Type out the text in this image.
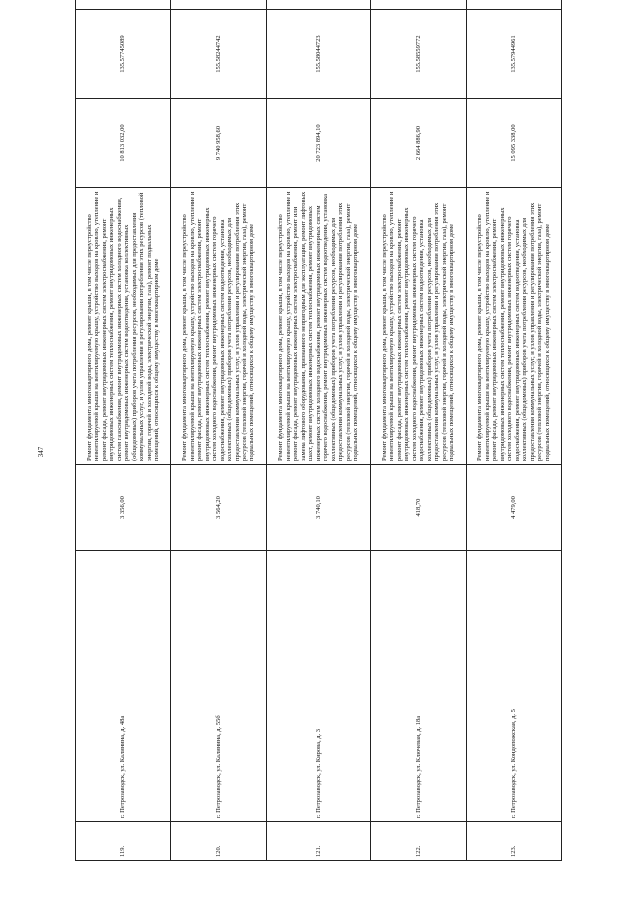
347
119.	г. Петрозаводск, ул. Калинина, д. 48а	3 356,00	Ремонт фундамента многоквартирного дома, ремонт крыши, в том числе переустройство невентилируемой крыши на вентилируемую крышу, устройство выходов на кровлю, утепление и ремонт фасада, ремонт внутридомовых инженерных систем электроснабжения, ремонт внутридомовых инженерных систем теплоснабжения, ремонт внутридомовых инженерных систем газоснабжения, ремонт внутридомовых инженерных систем холодного водоснабжения, ремонт внутридомовых инженерных систем водоотведения, установка коллективных (общедомовых) приборов учета потребления ресурсов, необходимых для предоставления коммунальных услуг, и узлов управления и регулирования потребления этих ресурсов (тепловой энергии, горячей и холодной воды, электрической энергии, газа), ремонт подвальных помещений, относящихся к общему имуществу в многоквартирном доме	10 813 032,00	135.57745089	
120.	г. Петрозаводск, ул. Калинина, д. 55б	3 564,20	Ремонт фундамента многоквартирного дома, ремонт крыши, в том числе переустройство невентилируемой крыши на вентилируемую крышу, устройство выходов на кровлю, утепление и ремонт фасада, ремонт внутридомовых инженерных систем электроснабжения, ремонт внутридомовых инженерных систем теплоснабжения, ремонт внутридомовых инженерных систем холодного водоснабжения, ремонт внутридомовых инженерных систем горячего водоснабжения, ремонт внутридомовых инженерных систем водоотведения, установка коллективных (общедомовых) приборов учета потребления ресурсов, необходимых для предоставления коммунальных услуг, и узлов управления и регулирования потребления этих ресурсов (тепловой энергии, горячей и холодной воды, электрической энергии, газа), ремонт подвальных помещений, относящихся к общему имуществу в многоквартирном доме	9 740 958,60	155.58244742	
121.	г. Петрозаводск, ул. Кирова, д. 3	3 740,10	Ремонт фундамента многоквартирного дома, ремонт крыши, в том числе переустройство невентилируемой крыши на вентилируемую крышу, устройство выходов на кровлю, утепление и ремонт фасада, ремонт внутридомовых инженерных систем электроснабжения, ремонт или замена лифтового оборудования, признанного непригодным для эксплуатации, ремонт лифтовых шахт, ремонт внутридомовых инженерных систем теплоснабжения, ремонт внутридомовых инженерных систем холодного водоснабжения, ремонт внутридомовых инженерных систем горячего водоснабжения, ремонт внутридомовых инженерных систем водоотведения, установка коллективных (общедомовых) приборов учета потребления ресурсов, необходимых для предоставления коммунальных услуг, и узлов управления и регулирования потребления этих ресурсов (тепловой энергии, горячей и холодной воды, электрической энергии, газа), ремонт подвальных помещений, относящихся к общему имуществу в многоквартирном доме	20 723 894,10	155.58044723	
122.	г. Петрозаводск, ул. Ключевая, д. 18а	418,70	Ремонт фундамента многоквартирного дома, ремонт крыши, в том числе переустройство невентилируемой крыши на вентилируемую крышу, устройство выходов на кровлю, утепление и ремонт фасада, ремонт внутридомовых инженерных систем электроснабжения, ремонт внутридомовых инженерных систем теплоснабжения, ремонт внутридомовых инженерных систем холодного водоснабжения, ремонт внутридомовых инженерных систем горячего водоснабжения, ремонт внутридомовых инженерных систем водоотведения, установка коллективных (общедомовых) приборов учета потребления ресурсов, необходимых для предоставления коммунальных услуг, и узлов управления и регулирования потребления этих ресурсов (тепловой энергии, горячей и холодной воды, электрической энергии, газа), ремонт подвальных помещений, относящихся к общему имуществу в многоквартирном доме	2 664 886,90	155.58559772	
123.	г. Петрозаводск, ул. Кондопожская, д. 5	4 479,00	Ремонт фундамента многоквартирного дома, ремонт крыши, в том числе переустройство невентилируемой крыши на вентилируемую крышу, устройство выходов на кровлю, утепление и ремонт фасада, ремонт внутридомовых инженерных систем электроснабжения, ремонт внутридомовых инженерных систем теплоснабжения, ремонт внутридомовых инженерных систем холодного водоснабжения, ремонт внутридомовых инженерных систем горячего водоснабжения, ремонт внутридомовых инженерных систем водоотведения, установка коллективных (общедомовых) приборов учета потребления ресурсов, необходимых для предоставления коммунальных услуг, и узлов управления и регулирования потребления этих ресурсов (тепловой энергии, горячей и холодной воды, электрической энергии, газа), ремонт подвальных помещений, относящихся к общему имуществу в многоквартирном доме	15 095 338,00	135.57944961	
